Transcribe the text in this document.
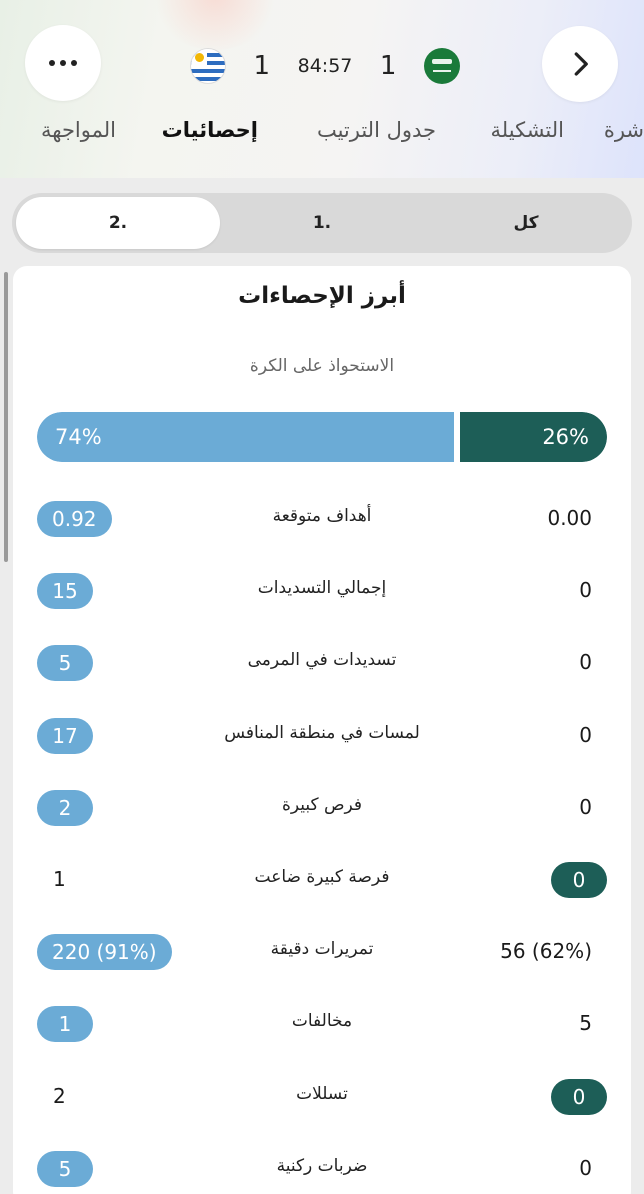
1 84:57 1
شرة
التشكيلة
جدول الترتيب
إحصائيات
المواجهة
2.	1.	كل
أبرز الإحصاءات
الاستحواذ على الكرة
74%	26%
0.92	أهداف متوقعة	0.00
15	إجمالي التسديدات	0
5	تسديدات في المرمى	0
17	لمسات في منطقة المنافس	0
2	فرص كبيرة	0
1	فرصة كبيرة ضاعت	0
220 (91%)	تمريرات دقيقة	56 (62%)
1	مخالفات	5
2	تسللات	0
5	ضربات ركنية	0
